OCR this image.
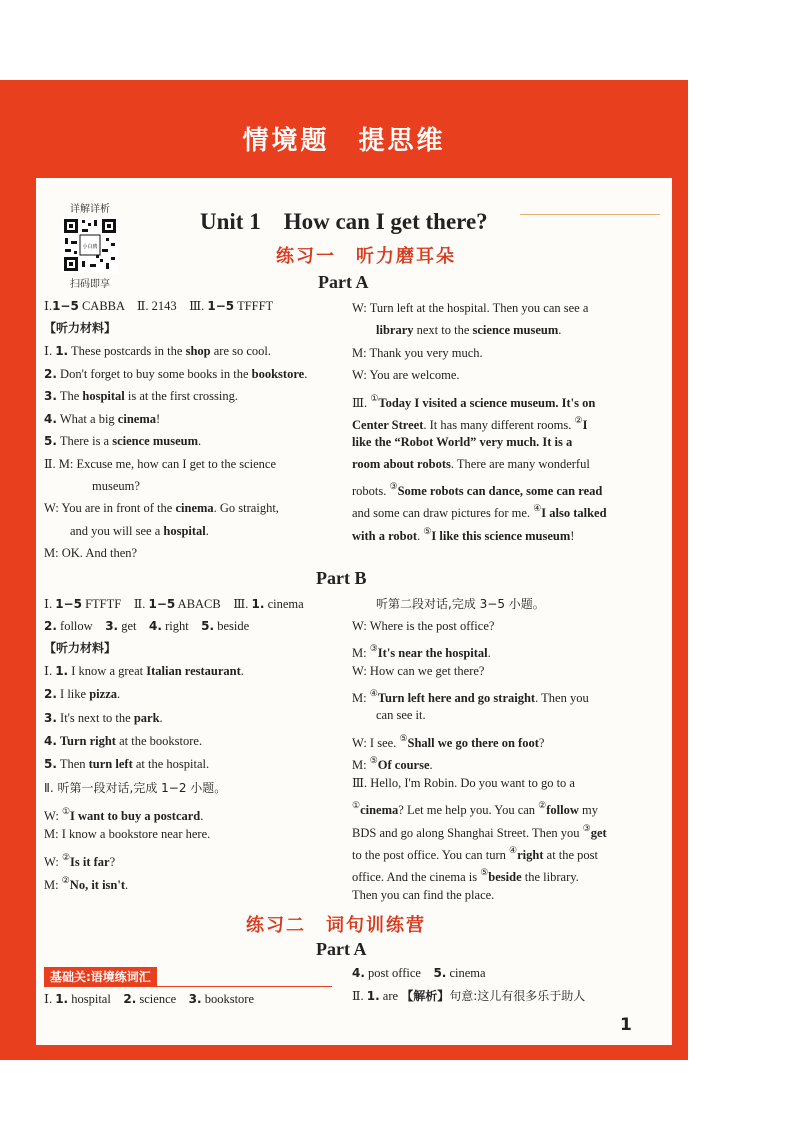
情境题　提思维
详解详析
小白鸥
扫码即享
Unit 1　How can I get there?
练习一　听力磨耳朵
Part A
Ⅰ.1−5 CABBA　Ⅱ. 2143　Ⅲ. 1−5 TFFFT
【听力材料】
Ⅰ. 1. These postcards in the shop are so cool.
2. Don't forget to buy some books in the bookstore.
3. The hospital is at the first crossing.
4. What a big cinema!
5. There is a science museum.
Ⅱ. M: Excuse me, how can I get to the science
museum?
W: You are in front of the cinema. Go straight,
and you will see a hospital.
M: OK. And then?
W: Turn left at the hospital. Then you can see a
library next to the science museum.
M: Thank you very much.
W: You are welcome.
Ⅲ. ①Today I visited a science museum. It's on
Center Street. It has many different rooms. ②I
like the “Robot World” very much. It is a
room about robots. There are many wonderful
robots. ③Some robots can dance, some can read
and some can draw pictures for me. ④I also talked
with a robot. ⑤I like this science museum!
Part B
Ⅰ. 1−5 FTFTF　Ⅱ. 1−5 ABACB　Ⅲ. 1. cinema
2. follow　3. get　4. right　5. beside
【听力材料】
Ⅰ. 1. I know a great Italian restaurant.
2. I like pizza.
3. It's next to the park.
4. Turn right at the bookstore.
5. Then turn left at the hospital.
Ⅱ. 听第一段对话,完成 1−2 小题。
W: ①I want to buy a postcard.
M: I know a bookstore near here.
W: ②Is it far?
M: ②No, it isn't.
听第二段对话,完成 3−5 小题。
W: Where is the post office?
M: ③It's near the hospital.
W: How can we get there?
M: ④Turn left here and go straight. Then you
can see it.
W: I see. ⑤Shall we go there on foot?
M: ⑤Of course.
Ⅲ. Hello, I'm Robin. Do you want to go to a
①cinema? Let me help you. You can ②follow my
BDS and go along Shanghai Street. Then you ③get
to the post office. You can turn ④right at the post
office. And the cinema is ⑤beside the library.
Then you can find the place.
练习二　词句训练营
Part A
基础关:语境练词汇
Ⅰ. 1. hospital　2. science　3. bookstore
4. post office　5. cinema
Ⅱ. 1. are 【解析】句意:这儿有很多乐于助人
1
